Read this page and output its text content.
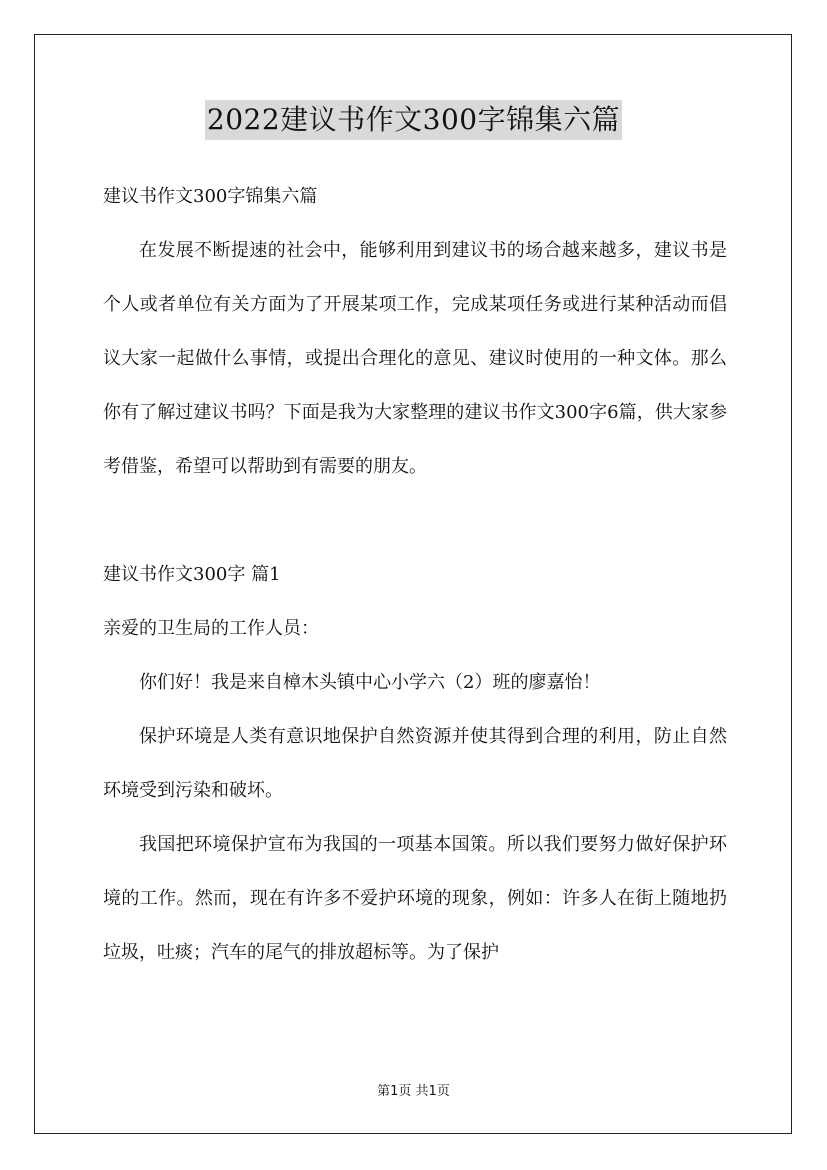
2022建议书作文300字锦集六篇

建议书作文300字锦集六篇

在发展不断提速的社会中，能够利用到建议书的场合越来越多，建议书是个人或者单位有关方面为了开展某项工作，完成某项任务或进行某种活动而倡议大家一起做什么事情，或提出合理化的意见、建议时使用的一种文体。那么你有了解过建议书吗？下面是我为大家整理的建议书作文300字6篇，供大家参考借鉴，希望可以帮助到有需要的朋友。

建议书作文300字 篇1

亲爱的卫生局的工作人员：

你们好！我是来自樟木头镇中心小学六（2）班的廖嘉怡！

保护环境是人类有意识地保护自然资源并使其得到合理的利用，防止自然环境受到污染和破坏。

我国把环境保护宣布为我国的一项基本国策。所以我们要努力做好保护环境的工作。然而，现在有许多不爱护环境的现象，例如：许多人在街上随地扔垃圾，吐痰；汽车的尾气的排放超标等。为了保护

第1页 共1页
